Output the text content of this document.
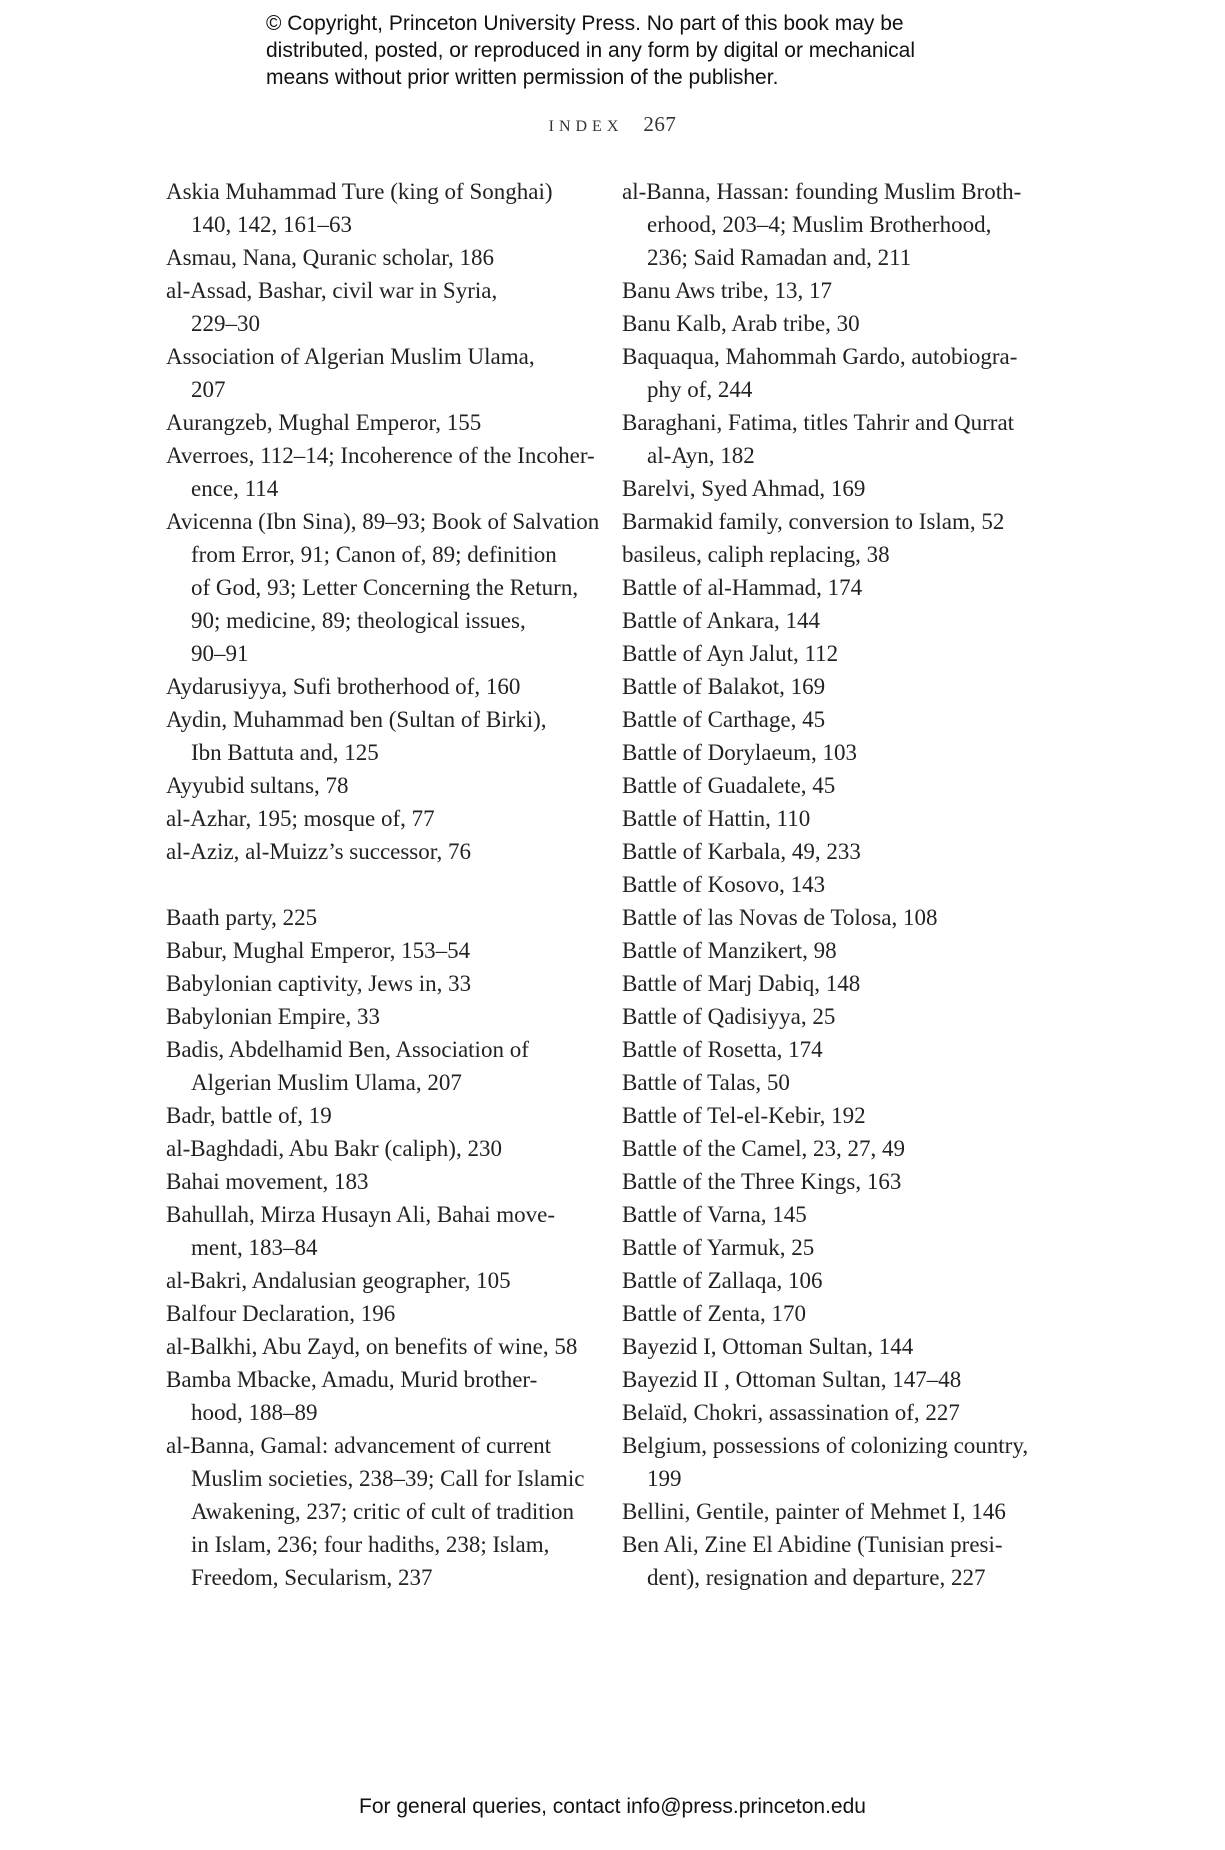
© Copyright, Princeton University Press. No part of this book may be
distributed, posted, or reproduced in any form by digital or mechanical
means without prior written permission of the publisher.
INDEX 267
Askia Muhammad Ture (king of Songhai)
140, 142, 161–63
Asmau, Nana, Quranic scholar, 186
al-Assad, Bashar, civil war in Syria,
229–30
Association of Algerian Muslim Ulama,
207
Aurangzeb, Mughal Emperor, 155
Averroes, 112–14; Incoherence of the Incoher-
ence, 114
Avicenna (Ibn Sina), 89–93; Book of Salvation
from Error, 91; Canon of, 89; definition
of God, 93; Letter Concerning the Return,
90; medicine, 89; theological issues,
90–91
Aydarusiyya, Sufi brotherhood of, 160
Aydin, Muhammad ben (Sultan of Birki),
Ibn Battuta and, 125
Ayyubid sultans, 78
al-Azhar, 195; mosque of, 77
al-Aziz, al-Muizz’s successor, 76
Baath party, 225
Babur, Mughal Emperor, 153–54
Babylonian captivity, Jews in, 33
Babylonian Empire, 33
Badis, Abdelhamid Ben, Association of
Algerian Muslim Ulama, 207
Badr, battle of, 19
al-Baghdadi, Abu Bakr (caliph), 230
Bahai movement, 183
Bahullah, Mirza Husayn Ali, Bahai move-
ment, 183–84
al-Bakri, Andalusian geographer, 105
Balfour Declaration, 196
al-Balkhi, Abu Zayd, on benefits of wine, 58
Bamba Mbacke, Amadu, Murid brother-
hood, 188–89
al-Banna, Gamal: advancement of current
Muslim societies, 238–39; Call for Islamic
Awakening, 237; critic of cult of tradition
in Islam, 236; four hadiths, 238; Islam,
Freedom, Secularism, 237
al-Banna, Hassan: founding Muslim Broth-
erhood, 203–4; Muslim Brotherhood,
236; Said Ramadan and, 211
Banu Aws tribe, 13, 17
Banu Kalb, Arab tribe, 30
Baquaqua, Mahommah Gardo, autobiogra-
phy of, 244
Baraghani, Fatima, titles Tahrir and Qurrat
al-Ayn, 182
Barelvi, Syed Ahmad, 169
Barmakid family, conversion to Islam, 52
basileus, caliph replacing, 38
Battle of al-Hammad, 174
Battle of Ankara, 144
Battle of Ayn Jalut, 112
Battle of Balakot, 169
Battle of Carthage, 45
Battle of Dorylaeum, 103
Battle of Guadalete, 45
Battle of Hattin, 110
Battle of Karbala, 49, 233
Battle of Kosovo, 143
Battle of las Novas de Tolosa, 108
Battle of Manzikert, 98
Battle of Marj Dabiq, 148
Battle of Qadisiyya, 25
Battle of Rosetta, 174
Battle of Talas, 50
Battle of Tel-el-Kebir, 192
Battle of the Camel, 23, 27, 49
Battle of the Three Kings, 163
Battle of Varna, 145
Battle of Yarmuk, 25
Battle of Zallaqa, 106
Battle of Zenta, 170
Bayezid I, Ottoman Sultan, 144
Bayezid II , Ottoman Sultan, 147–48
Belaïd, Chokri, assassination of, 227
Belgium, possessions of colonizing country,
199
Bellini, Gentile, painter of Mehmet I, 146
Ben Ali, Zine El Abidine (Tunisian presi-
dent), resignation and departure, 227
For general queries, contact info@press.princeton.edu
